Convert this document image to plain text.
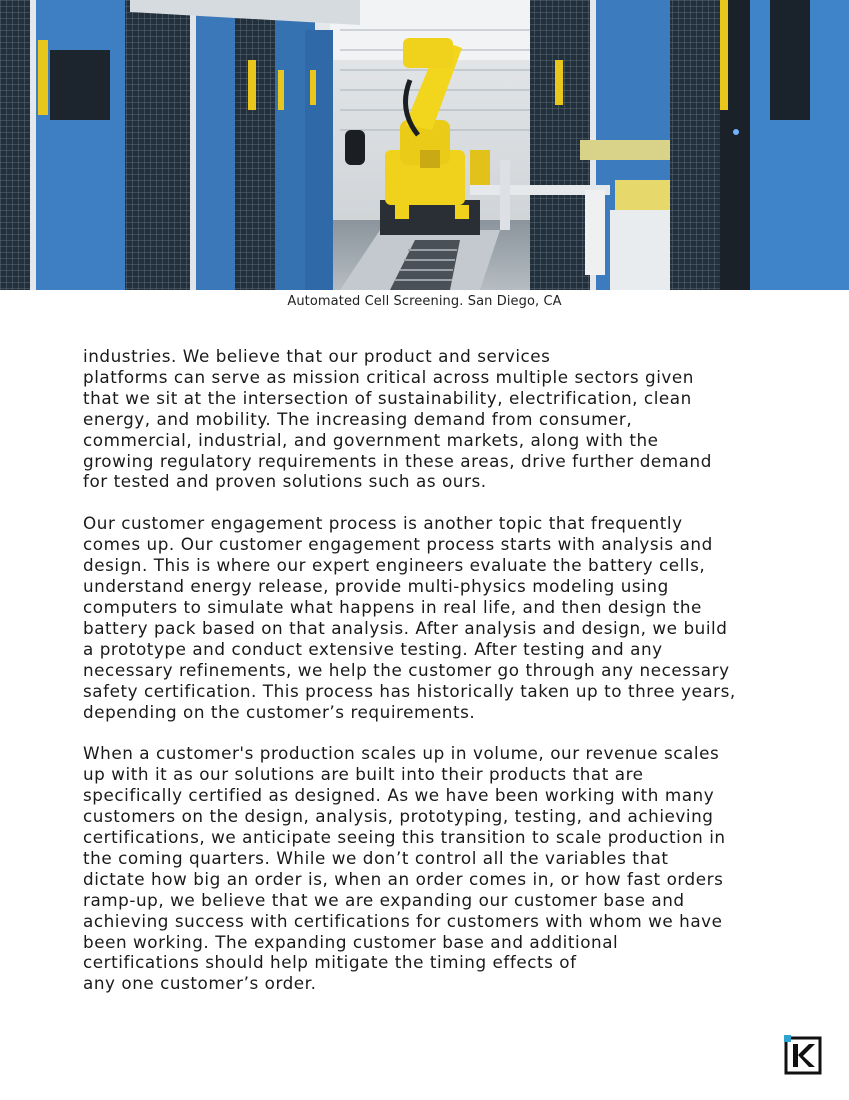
Automated Cell Screening. San Diego, CA

industries. We believe that our product and services
platforms can serve as mission critical across multiple sectors given
that we sit at the intersection of sustainability, electrification, clean
energy, and mobility. The increasing demand from consumer,
commercial, industrial, and government markets, along with the
growing regulatory requirements in these areas, drive further demand
for tested and proven solutions such as ours.

Our customer engagement process is another topic that frequently
comes up. Our customer engagement process starts with analysis and
design. This is where our expert engineers evaluate the battery cells,
understand energy release, provide multi-physics modeling using
computers to simulate what happens in real life, and then design the
battery pack based on that analysis. After analysis and design, we build
a prototype and conduct extensive testing. After testing and any
necessary refinements, we help the customer go through any necessary
safety certification. This process has historically taken up to three years,
depending on the customer’s requirements.

When a customer's production scales up in volume, our revenue scales
up with it as our solutions are built into their products that are
specifically certified as designed. As we have been working with many
customers on the design, analysis, prototyping, testing, and achieving
certifications, we anticipate seeing this transition to scale production in
the coming quarters. While we don’t control all the variables that
dictate how big an order is, when an order comes in, or how fast orders
ramp-up, we believe that we are expanding our customer base and
achieving success with certifications for customers with whom we have
been working. The expanding customer base and additional
certifications should help mitigate the timing effects of
any one customer’s order.
